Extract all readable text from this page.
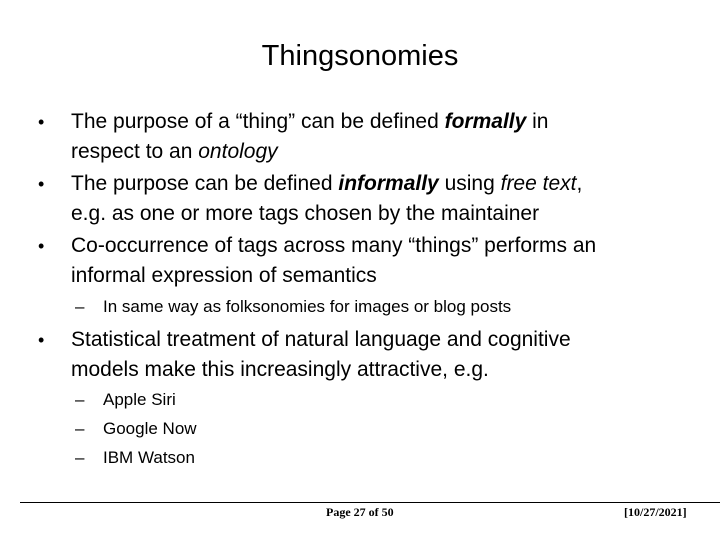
Thingsonomies
• The purpose of a “thing” can be defined formally in
respect to an ontology
• The purpose can be defined informally using free text,
e.g. as one or more tags chosen by the maintainer
• Co-occurrence of tags across many “things” performs an
informal expression of semantics
– In same way as folksonomies for images or blog posts
• Statistical treatment of natural language and cognitive
models make this increasingly attractive, e.g.
– Apple Siri
– Google Now
– IBM Watson
Page 27 of 50	[10/27/2021]
